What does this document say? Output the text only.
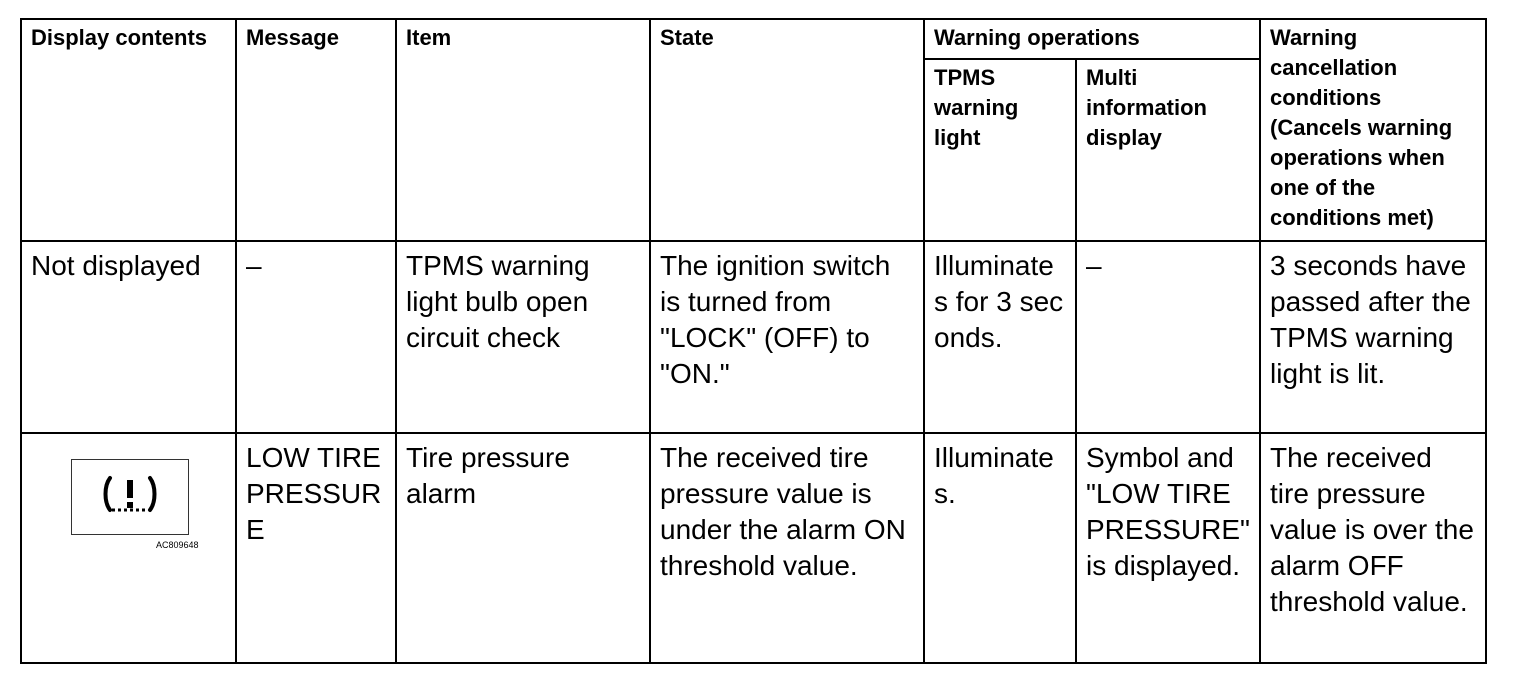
Display contents	Message	Item	State	Warning operations		Warning cancellation conditions (Cancels warning operations when one of the conditions met)
				TPMS warning light	Multi information display	
Not displayed	–	TPMS warning light bulb open circuit check	The ignition switch is turned from "LOCK" (OFF) to "ON."	Illuminates for 3 seconds.	–	3 seconds have passed after the TPMS warning light is lit.

AC809648	LOW TIRE PRESSURE	Tire pressure alarm	The received tire pressure value is under the alarm ON threshold value.	Illuminates.	Symbol and "LOW TIRE PRESSURE" is displayed.	The received tire pressure value is over the alarm OFF threshold value.
